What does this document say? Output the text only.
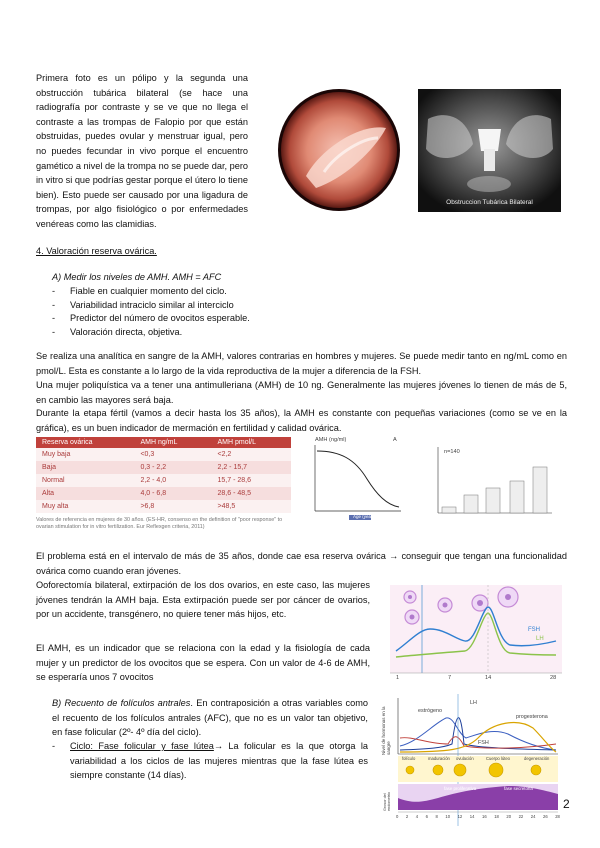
Primera foto es un pólipo y la segunda una obstrucción tubárica bilateral (se hace una radiografía por contraste y se ve que no llega el contraste a las trompas de Falopio por que están obstruidas, puedes ovular y menstruar igual, pero no puedes fecundar in vivo porque el encuentro gamético a nivel de la trompa no se puede dar, pero in vitro si que podrías gestar porque el útero lo tiene bien). Esto puede ser causado por una ligadura de trompas, por algo fisiológico o por enfermedades venéreas como las clamidias.

Obstruccion Tubárica Bilateral

4. Valoración reserva ovárica.

A) Medir los niveles de AMH. AMH = AFC

- Fiable en cualquier momento del ciclo.
- Variabilidad intraciclo similar al interciclo
- Predictor del número de ovocitos esperable.
- Valoración directa, objetiva.

Se realiza una analítica en sangre de la AMH, valores contrarias en hombres y mujeres. Se puede medir tanto en ng/mL como en pmol/L. Esta es constante a lo largo de la vida reproductiva de la mujer a diferencia de la FSH.

Una mujer poliquística va a tener una antimulleriana (AMH) de 10 ng. Generalmente las mujeres jóvenes lo tienen de más de 5, en cambio las mayores será baja.

Durante la etapa fértil (vamos a decir hasta los 35 años), la AMH es constante con pequeñas variaciones (como se ve en la gráfica), es un buen indicador de mermación en fertilidad y calidad ovárica.

Reserva ovárica	AMH ng/mL	AMH pmol/L
Muy baja	<0,3	<2,2
Baja	0,3 - 2,2	2,2 - 15,7
Normal	2,2 - 4,0	15,7 - 28,6
Alta	4,0 - 6,8	28,6 - 48,5
Muy alta	>6,8	>48,5
Valores de referencia en mujeres de 30 años. (ES-HR, consenso en the definition of "poor response" to ovarian stimulation for in vitro fertilization. Eur Reflexgen criteria, 2011)
AMH (ng/ml)	A
Age (years)
n=140

El problema está en el intervalo de más de 35 años, donde cae esa reserva ovárica → conseguir que tengan una funcionalidad ovárica como cuando eran jóvenes.

Ooforectomía bilateral, extirpación de los dos ovarios, en este caso, las mujeres jóvenes tendrán la AMH baja. Esta extirpación puede ser por cáncer de ovarios, por un accidente, transgénero, no quiere tener más hijos, etc.

El AMH, es un indicador que se relaciona con la edad y la fisiología de cada mujer y un predictor de los ovocitos que se espera. Con un valor de 4-6 de AMH, se esperaría unos 7 ovocitos

FSH
LH
1	7	14	28

B) Recuento de folículos antrales. En contraposición a otras variables como el recuento de los folículos antrales (AFC), que no es un valor tan objetivo, en fase folicular (2º- 4º día del ciclo).

- Ciclo: Fase folicular y fase lútea→ La folicular es la que otorga la variabilidad a los ciclos de las mujeres mientras que la fase lútea es siempre constante (14 días).

Nivel de hormonas en la sangre
estrógeno
LH
FSH
progesterona
folículo	maduración ovulación	Cuerpo lúteo	degeneración
Grosor del endometrio
fase proliferativa	fase secretoria
0 2 4 6 8 10 12 14 16 18 20 22 24 26 28
2
